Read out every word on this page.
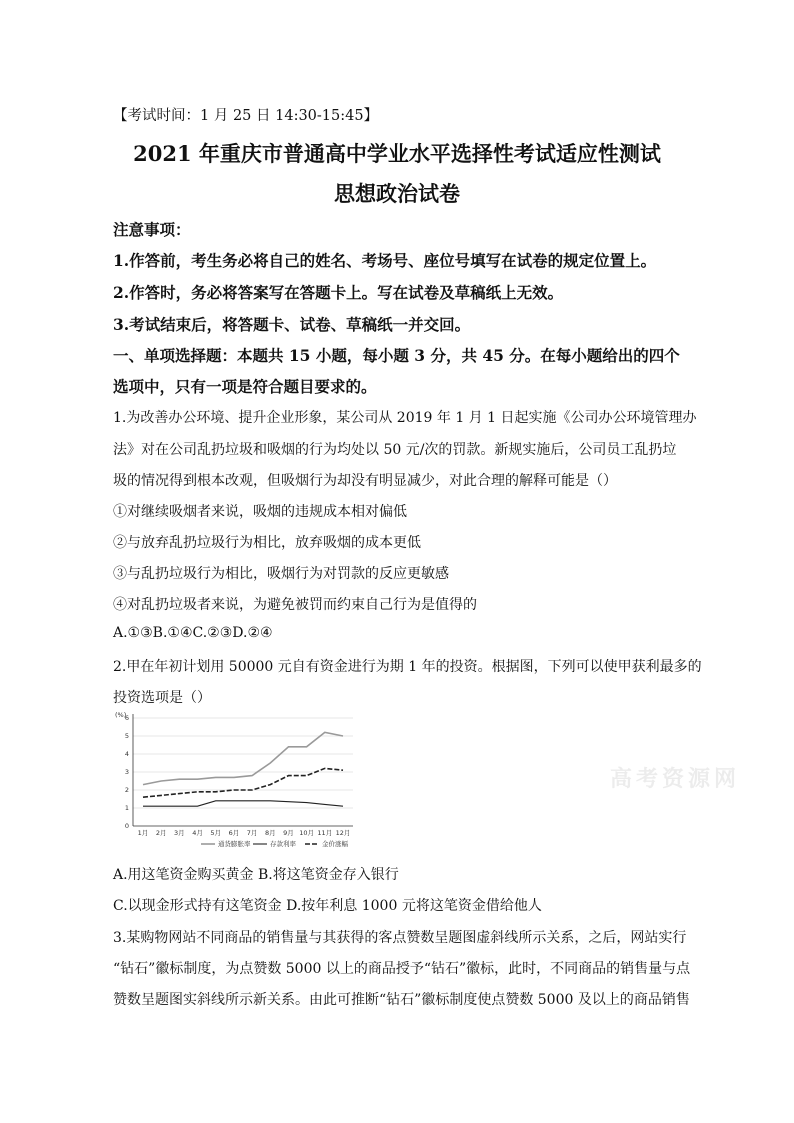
【考试时间：1 月 25 日 14:30-15:45】
2021 年重庆市普通高中学业水平选择性考试适应性测试
思想政治试卷
注意事项：
1.作答前，考生务必将自己的姓名、考场号、座位号填写在试卷的规定位置上。
2.作答时，务必将答案写在答题卡上。写在试卷及草稿纸上无效。
3.考试结束后，将答题卡、试卷、草稿纸一并交回。
一、单项选择题：本题共 15 小题，每小题 3 分，共 45 分。在每小题给出的四个
选项中，只有一项是符合题目要求的。
1.为改善办公环境、提升企业形象，某公司从 2019 年 1 月 1 日起实施《公司办公环境管理办
法》对在公司乱扔垃圾和吸烟的行为均处以 50 元/次的罚款。新规实施后，公司员工乱扔垃
圾的情况得到根本改观，但吸烟行为却没有明显减少，对此合理的解释可能是（）
①对继续吸烟者来说，吸烟的违规成本相对偏低
②与放弃乱扔垃圾行为相比，放弃吸烟的成本更低
③与乱扔垃圾行为相比，吸烟行为对罚款的反应更敏感
④对乱扔垃圾者来说，为避免被罚而约束自己行为是值得的
A.①③B.①④C.②③D.②④
2.甲在年初计划用 50000 元自有资金进行为期 1 年的投资。根据图，下列可以使甲获利最多的
投资选项是（）
0
1
2
3
4
5
6
(%)
1月 2月 3月 4月 5月 6月 7月 8月 9月 10月 11月 12月
通货膨胀率	存款利率	金价涨幅
高考资源网
A.用这笔资金购买黄金 B.将这笔资金存入银行
C.以现金形式持有这笔资金 D.按年利息 1000 元将这笔资金借给他人
3.某购物网站不同商品的销售量与其获得的客点赞数呈题图虚斜线所示关系，之后，网站实行
“钻石”徽标制度，为点赞数 5000 以上的商品授予“钻石”徽标，此时，不同商品的销售量与点
赞数呈题图实斜线所示新关系。由此可推断“钻石”徽标制度使点赞数 5000 及以上的商品销售
